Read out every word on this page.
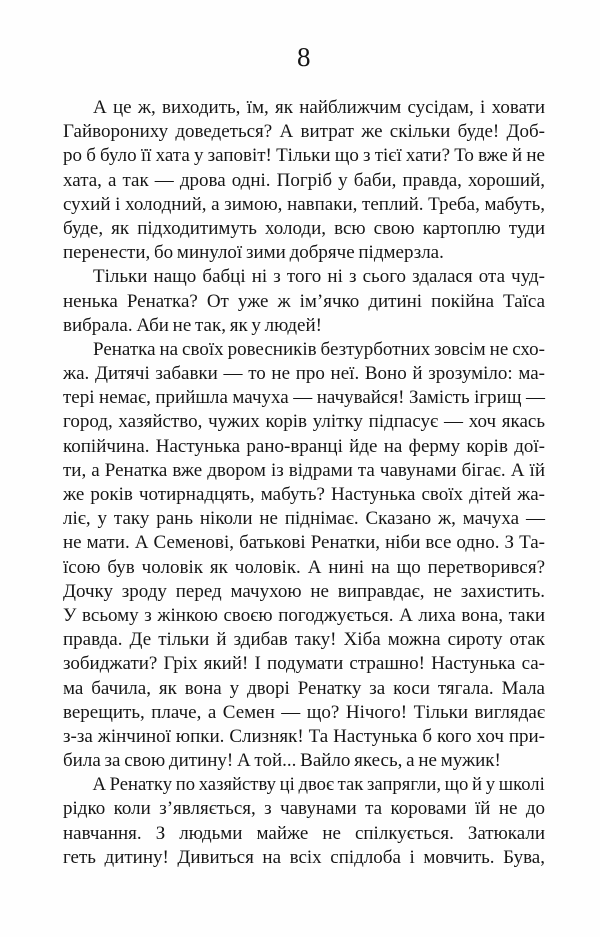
8
А це ж, виходить, їм, як найближчим сусідам, і ховати
Гайворониху доведеться? А витрат же скільки буде! Доб-
ро б було її хата у заповіт! Тільки що з тієї хати? То вже й не
хата, а так — дрова одні. Погріб у баби, правда, хороший,
сухий і холодний, а зимою, навпаки, теплий. Треба, мабуть,
буде, як підходитимуть холоди, всю свою картоплю туди
перенести, бо минулої зими добряче підмерзла.
Тільки нащо бабці ні з того ні з сього здалася ота чуд-
ненька Ренатка? От уже ж ім’ячко дитині покійна Таїса
вибрала. Аби не так, як у людей!
Ренатка на своїх ровесників безтурботних зовсім не схо-
жа. Дитячі забавки — то не про неї. Воно й зрозуміло: ма-
тері немає, прийшла мачуха — начувайся! Замість ігрищ —
город, хазяйство, чужих корів улітку підпасує — хоч якась
копійчина. Настунька рано-вранці йде на ферму корів дої-
ти, а Ренатка вже двором із відрами та чавунами бігає. А їй
же років чотирнадцять, мабуть? Настунька своїх дітей жа-
ліє, у таку рань ніколи не піднімає. Сказано ж, мачуха —
не мати. А Семенові, батькові Ренатки, ніби все одно. З Та-
їсою був чоловік як чоловік. А нині на що перетворився?
Дочку зроду перед мачухою не виправдає, не захистить.
У всьому з жінкою своєю погоджується. А лиха вона, таки
правда. Де тільки й здибав таку! Хіба можна сироту отак
зобиджати? Гріх який! І подумати страшно! Настунька са-
ма бачила, як вона у дворі Ренатку за коси тягала. Мала
верещить, плаче, а Семен — що? Нічого! Тільки виглядає
з-за жінчиної юпки. Слизняк! Та Настунька б кого хоч при-
била за свою дитину! А той... Вайло якесь, а не мужик!
А Ренатку по хазяйству ці двоє так запрягли, що й у школі
рідко коли з’являється, з чавунами та коровами їй не до
навчання. З людьми майже не спілкується. Затюкали
геть дитину! Дивиться на всіх спідлоба і мовчить. Бува,
